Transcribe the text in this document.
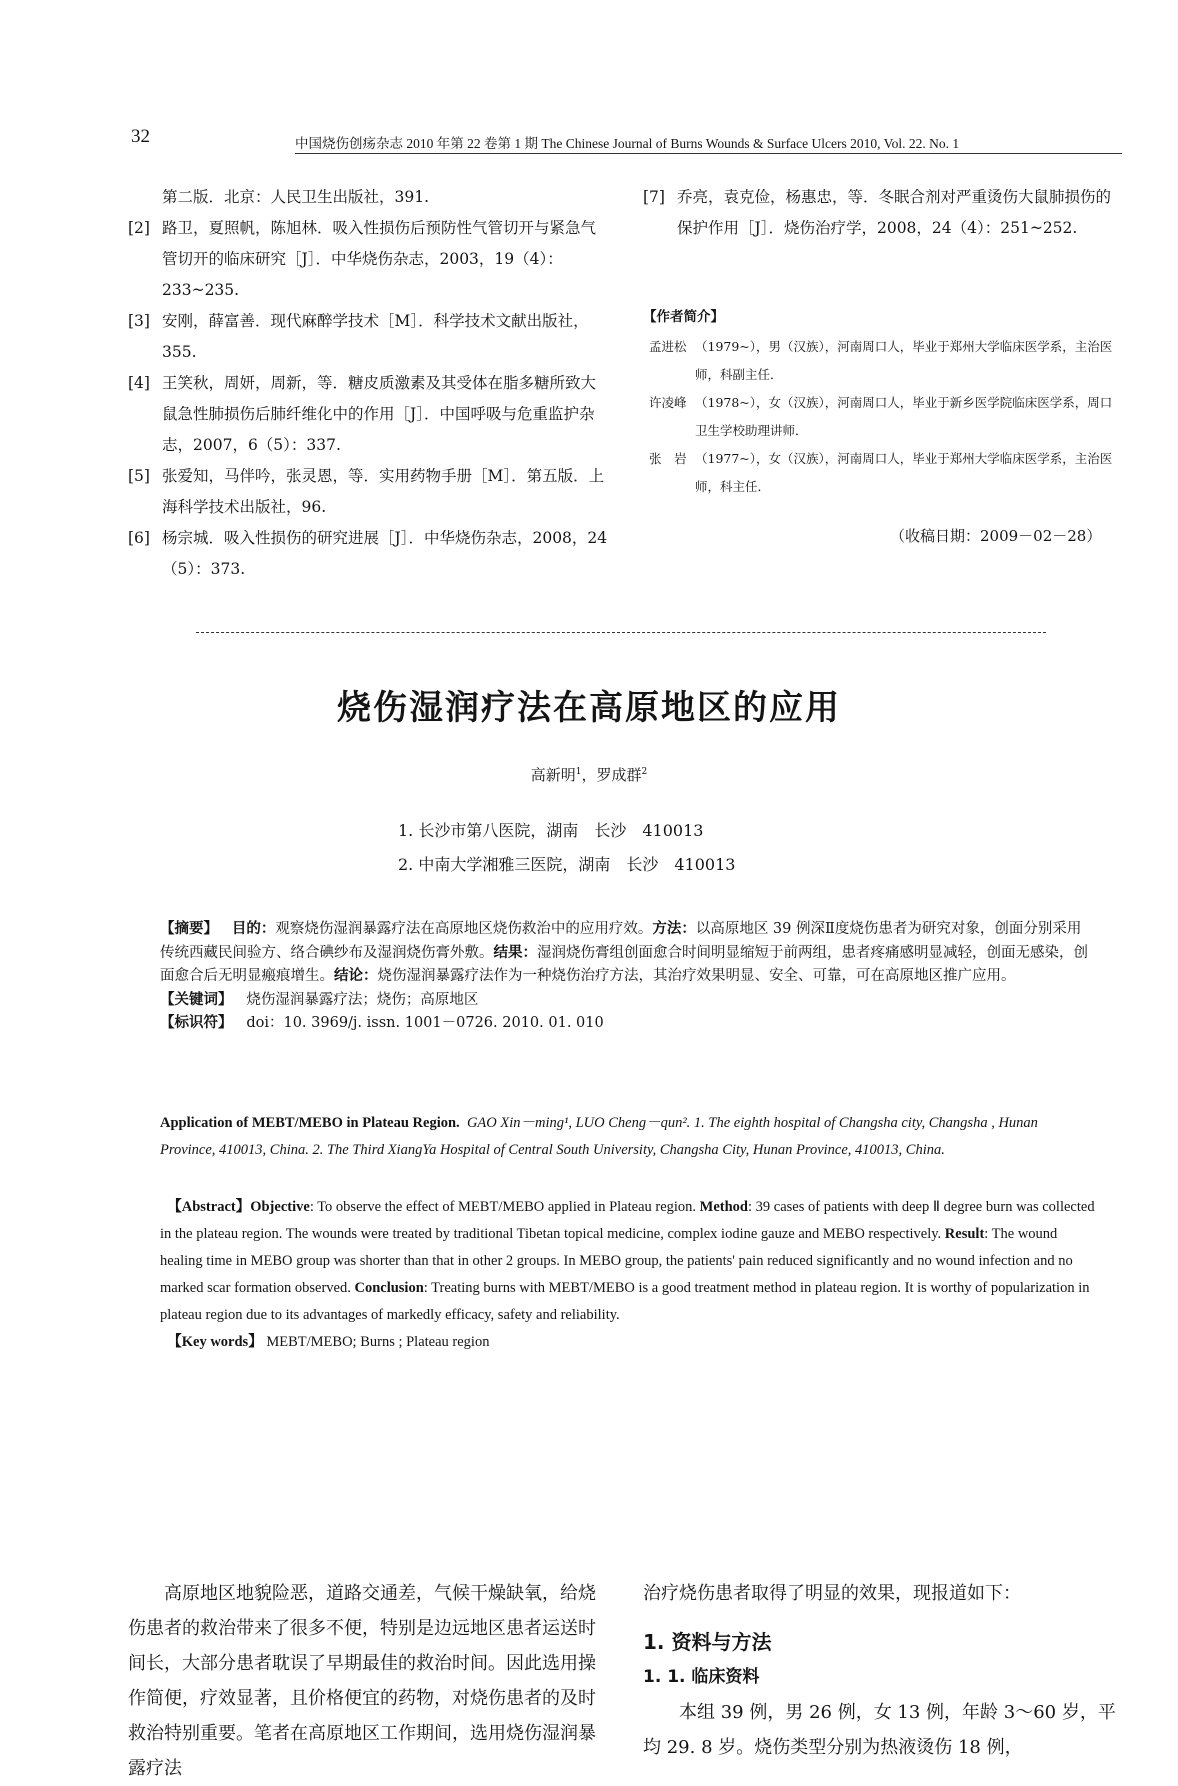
32	中国烧伤创疡杂志 2010 年第 22 卷第 1 期 The Chinese Journal of Burns Wounds & Surface Ulcers 2010, Vol. 22. No. 1
第二版．北京：人民卫生出版社，391.
[2] 路卫，夏照帆，陈旭林．吸入性损伤后预防性气管切开与紧急气管切开的临床研究［J］．中华烧伤杂志，2003，19（4）：233~235.
[3] 安刚，薛富善．现代麻醉学技术［M］．科学技术文献出版社，355.
[4] 王笑秋，周妍，周新，等．糖皮质激素及其受体在脂多糖所致大鼠急性肺损伤后肺纤维化中的作用［J］．中国呼吸与危重监护杂志，2007，6（5）：337.
[5] 张爱知，马伴吟，张灵恩，等．实用药物手册［M］．第五版．上海科学技术出版社，96.
[6] 杨宗城．吸入性损伤的研究进展［J］．中华烧伤杂志，2008，24（5）：373.
[7] 乔亮，袁克俭，杨惠忠，等．冬眠合剂对严重烫伤大鼠肺损伤的保护作用［J］．烧伤治疗学，2008，24（4）：251~252.
【作者简介】
孟进松 （1979~），男（汉族），河南周口人，毕业于郑州大学临床医学系，主治医师，科副主任．
许凌峰 （1978~），女（汉族），河南周口人，毕业于新乡医学院临床医学系，周口卫生学校助理讲师．
张　岩 （1977~），女（汉族），河南周口人，毕业于郑州大学临床医学系，主治医师，科主任．
（收稿日期：2009－02－28）
烧伤湿润疗法在高原地区的应用
高新明$^1$，罗成群$^2$
1. 长沙市第八医院，湖南　长沙　410013
2. 中南大学湘雅三医院，湖南　长沙　410013
【摘要】 目的：观察烧伤湿润暴露疗法在高原地区烧伤救治中的应用疗效。方法：以高原地区 39 例深Ⅱ度烧伤患者为研究对象，创面分别采用传统西藏民间验方、络合碘纱布及湿润烧伤膏外敷。结果：湿润烧伤膏组创面愈合时间明显缩短于前两组，患者疼痛感明显减轻，创面无感染，创面愈合后无明显瘢痕增生。结论：烧伤湿润暴露疗法作为一种烧伤治疗方法，其治疗效果明显、安全、可靠，可在高原地区推广应用。
【关键词】 烧伤湿润暴露疗法；烧伤；高原地区
【标识符】 doi：10. 3969/j. issn. 1001－0726. 2010. 01. 010
Application of MEBT/MEBO in Plateau Region. GAO Xin－ming¹, LUO Cheng－qun². 1. The eighth hospital of Changsha city, Changsha , Hunan Province, 410013, China. 2. The Third XiangYa Hospital of Central South University, Changsha City, Hunan Province, 410013, China.
【Abstract】Objective: To observe the effect of MEBT/MEBO applied in Plateau region. Method: 39 cases of patients with deep Ⅱ degree burn was collected in the plateau region. The wounds were treated by traditional Tibetan topical medicine, complex iodine gauze and MEBO respectively. Result: The wound healing time in MEBO group was shorter than that in other 2 groups. In MEBO group, the patients' pain reduced significantly and no wound infection and no marked scar formation observed. Conclusion: Treating burns with MEBT/MEBO is a good treatment method in plateau region. It is worthy of popularization in plateau region due to its advantages of markedly efficacy, safety and reliability.
【Key words】 MEBT/MEBO; Burns ; Plateau region
高原地区地貌险恶，道路交通差，气候干燥缺氧，给烧伤患者的救治带来了很多不便，特别是边远地区患者运送时间长，大部分患者耽误了早期最佳的救治时间。因此选用操作简便，疗效显著，且价格便宜的药物，对烧伤患者的及时救治特别重要。笔者在高原地区工作期间，选用烧伤湿润暴露疗法
治疗烧伤患者取得了明显的效果，现报道如下：
1. 资料与方法
1. 1. 临床资料
本组 39 例，男 26 例，女 13 例，年龄 3～60 岁，平均 29. 8 岁。烧伤类型分别为热液烫伤 18 例，
